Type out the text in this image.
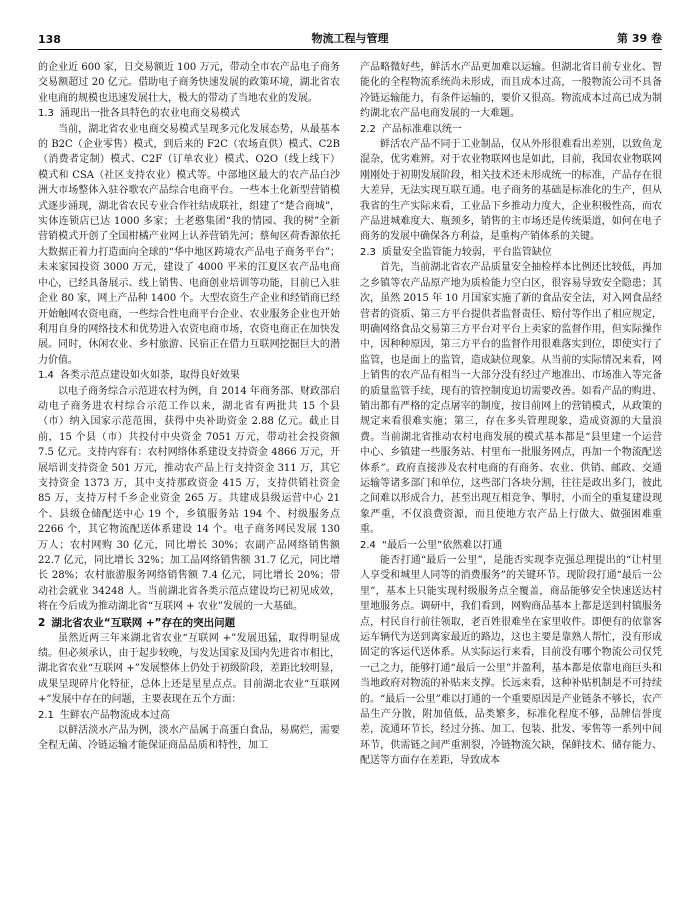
138	物流工程与管理	第 39 卷

的企业近 600 家，日交易额近 100 万元，带动全市农产品电子商务交易额超过 20 亿元。借助电子商务快速发展的政策环境，湖北省农业电商的规模也迅速发展壮大，极大的带动了当地农业的发展。

1.3 涌现出一批各具特色的农业电商交易模式

当前，湖北省农业电商交易模式呈现多元化发展态势，从最基本的 B2C（企业零售）模式，到后来的 F2C（农场直供）模式、C2B（消费者定制）模式、C2F（订单农业）模式、O2O（线上线下）模式和 CSA（社区支持农业）模式等。中部地区最大的农产品白沙洲大市场整体入驻谷歌农产品综合电商平台。一些本土化新型营销模式逐步涌现，湖北省农民专业合作社结成联社，组建了“楚合商城”，实体连锁店已达 1000 多家；土老憨集团“我的情园、我的树”全新营销模式开创了全国柑橘产业网上认养营销先河；蔡甸区荷香源依托大数据正着力打造面向全球的“华中地区跨境农产品电子商务平台”；未来家园投资 3000 万元，建设了 4000 平米的江夏区农产品电商中心，已经具备展示、线上销售、电商创业培训等功能，目前已入驻企业 80 家，网上产品种 1400 个。大型农资生产企业和经销商已经开始触网农资电商，一些综合性电商平台企业、农业服务企业也开始利用自身的网络技术和优势进入农资电商市场，农资电商正在加快发展。同时，休闲农业、乡村旅游、民宿正在借力互联网挖掘巨大的潜力价值。

1.4 各类示范点建设如火如荼，取得良好效果

以电子商务综合示范进农村为例，自 2014 年商务部、财政部启动电子商务进农村综合示范工作以来，湖北省有两批共 15 个县（市）纳入国家示范范围，获得中央补助资金 2.88 亿元。截止目前，15 个县（市）共投付中央资金 7051 万元，带动社会投资额 7.5 亿元。支持内容有：农村网络体系建设支持资金 4866 万元，开展培训支持资金 501 万元，推动农产品上行支持资金 311 万，其它支持资金 1373 万，其中支持那政资金 415 万，支持供销社资金 85 万，支持万村千乡企业资金 265 万。共建成县级运营中心 21 个、县级仓储配送中心 19 个，乡镇服务站 194 个、村级服务点 2266 个，其它物流配送体系建设 14 个。电子商务网民发展 130 万人；农村网购 30 亿元，同比增长 30%；农副产品网络销售额 22.7 亿元，同比增长 32%；加工品网络销售额 31.7 亿元，同比增长 28%；农村旅游服务网络销售额 7.4 亿元，同比增长 20%；带动社会就业 34248 人。当前湖北省各类示范点建设均已初见成效，将在今后成为推动湖北省“互联网 + 农业”发展的一大基础。

2 湖北省农业“互联网 +”存在的突出问题

虽然近两三年来湖北省农业“互联网 +”发展迅猛，取得明显成绩。但必须承认，由于起步较晚，与发达国家及国内先进省市相比，湖北省农业“互联网 +”发展整体上仍处于初级阶段，差距比较明显，成果呈现碎片化特征，总体上还是星星点点。目前湖北农业“互联网 +”发展中存在的问题，主要表现在五个方面：

2.1 生鲜农产品物流成本过高

以鲜活淡水产品为例，淡水产品属于高蛋白食品，易腐烂，需要全程无菌、冷链运输才能保证商品品质和特性，加工

产品略微好些，鲜活水产品更加难以运输。但湖北省目前专业化、智能化的全程物流系统尚未形成，而且成本过高，一般物流公司不具备冷链运输能力，有条件运输的，要价又很高。物流成本过高已成为制约湖北农产品电商发展的一大难题。

2.2 产品标准难以统一

鲜活农产品不同于工业制品，仅从外形很难看出差别，以致鱼龙混杂，优劣难辨。对于农业物联网也是如此，目前，我国农业物联网刚刚处于初期发展阶段，相关技术还未形成统一的标准，产品存在很大差异，无法实现互联互通。电子商务的基础是标准化的生产，但从我省的生产实际来看，工业品下乡推动力度大，企业积极性高，而农产品进城难度大、瓶颈多，销售的主市场还是传统渠道，如何在电子商务的发展中确保各方利益，是重构产销体系的关键。

2.3 质量安全监管能力较弱，平台监管缺位

首先，当前湖北省农产品质量安全抽检样本比例还比较低，再加之乡镇等农产品原产地为质检能力空白区，很容易导致安全隐患；其次，虽然 2015 年 10 月国家实施了新的食品安全法，对入网食品经营者的资质、第三方平台提供者监督责任、赔付等作出了相应规定，明确网络食品交易第三方平台对平台上卖家的监督作用，但实际操作中，因种种原因，第三方平台的监督作用很难落实到位，即使实行了监管，也是面上的监管，造成缺位现象。从当前的实际情况来看，网上销售的农产品有相当一大部分没有经过产地准出、市场准入等完备的质量监管手续，现有的管控制度迫切需要改善。如看产品的购进、销出都有严格的定点屠宰的制度，按目前网上的营销模式，从政策的规定来看很难实施；第三，存在多头管理现象，造成资源的大量浪费。当前湖北省推动农村电商发展的模式基本都是“县里建一个运营中心、乡镇建一些服务站、村里布一批服务网点，再加一个物流配送体系”。政府直接涉及农村电商的有商务、农业、供销、邮政、交通运输等诸多部门和单位，这些部门各块分割，往往是政出多门，彼此之间难以形成合力，甚至出现互相竞争、掣肘，小而全的重复建设现象严重，不仅浪费资源，而且使地方农产品上行做大、做强困难重重。

2.4 “最后一公里”依然难以打通

能否打通“最后一公里”，是能否实现李克强总理提出的“让村里人享受和城里人同等的消费服务”的关键环节。现阶段打通“最后一公里”，基本上只能实现村级服务点全覆盖，商品能够安全快速送达村里地服务点。调研中，我们看到，网购商品基本上都是送到村镇服务点，村民自行前往领取，老百姓很难坐在家里收件。即便有的依靠客运车辆代为送到离家最近的路边，这也主要是靠熟人帮忙，没有形成固定的客运代送体系。从实际运行来看，目前没有哪个物流公司仅凭一己之力，能够打通“最后一公里”并盈利，基本都是依靠电商巨头和当地政府对物流的补贴来支撑。长远来看，这种补贴机制是不可持续的。“最后一公里”难以打通的一个重要原因是产业链条不够长，农产品生产分散，附加值低，品类繁多，标准化程度不够，品牌信誉度差，流通环节长，经过分拣、加工、包装、批发、零售等一系列中间环节，供需链之间严重割裂，冷链物流欠缺，保鲜技术、储存能力、配送等方面存在差距，导致成本
